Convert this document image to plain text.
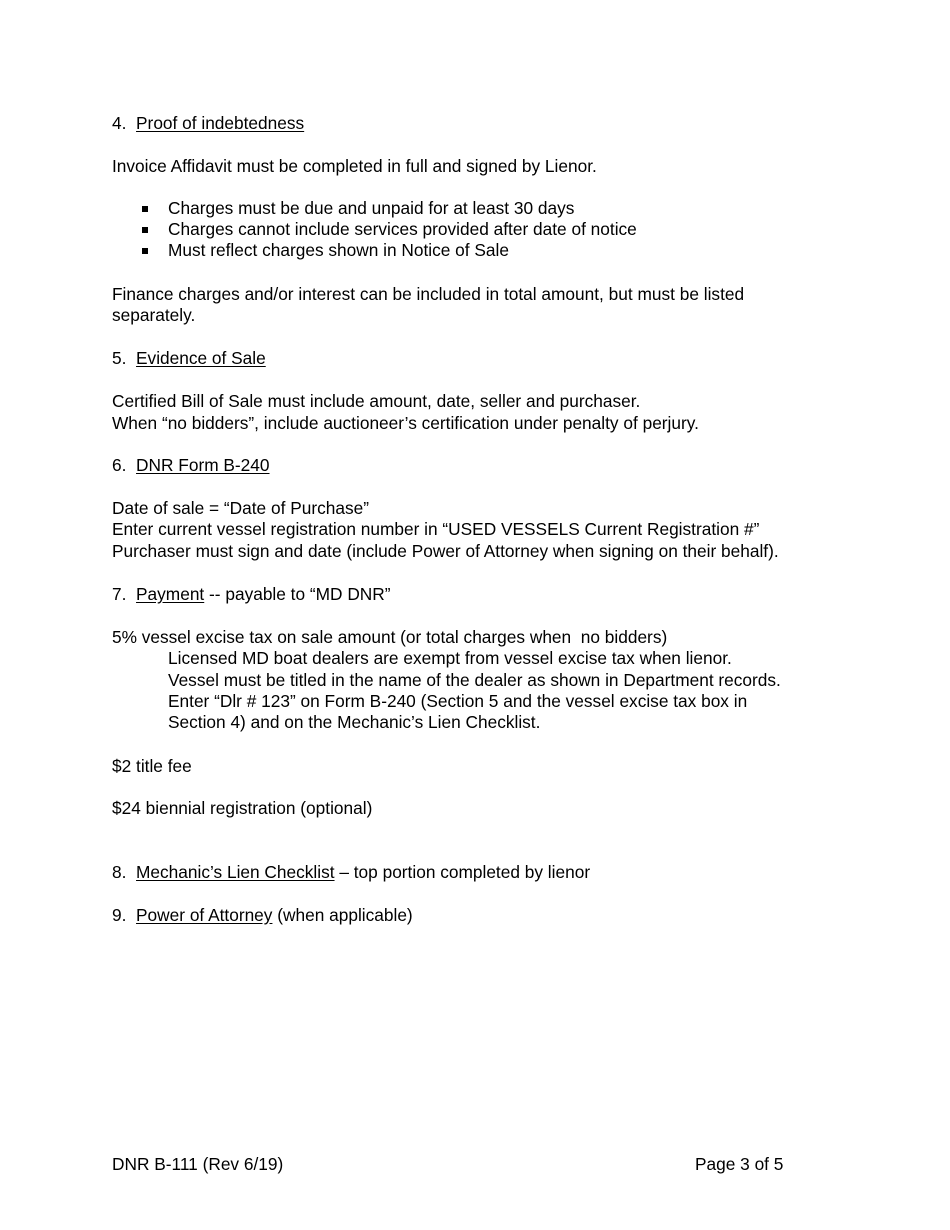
4. Proof of indebtedness
Invoice Affidavit must be completed in full and signed by Lienor.
Charges must be due and unpaid for at least 30 days
Charges cannot include services provided after date of notice
Must reflect charges shown in Notice of Sale
Finance charges and/or interest can be included in total amount, but must be listed
separately.
5. Evidence of Sale
Certified Bill of Sale must include amount, date, seller and purchaser.
When “no bidders”, include auctioneer’s certification under penalty of perjury.
6. DNR Form B-240
Date of sale = “Date of Purchase”
Enter current vessel registration number in “USED VESSELS Current Registration #”
Purchaser must sign and date (include Power of Attorney when signing on their behalf).
7. Payment -- payable to “MD DNR”
5% vessel excise tax on sale amount (or total charges when  no bidders)
Licensed MD boat dealers are exempt from vessel excise tax when lienor.
Vessel must be titled in the name of the dealer as shown in Department records.
Enter “Dlr # 123” on Form B-240 (Section 5 and the vessel excise tax box in
Section 4) and on the Mechanic’s Lien Checklist.
$2 title fee
$24 biennial registration (optional)
8. Mechanic’s Lien Checklist – top portion completed by lienor
9. Power of Attorney (when applicable)
DNR B-111 (Rev 6/19)	Page 3 of 5
